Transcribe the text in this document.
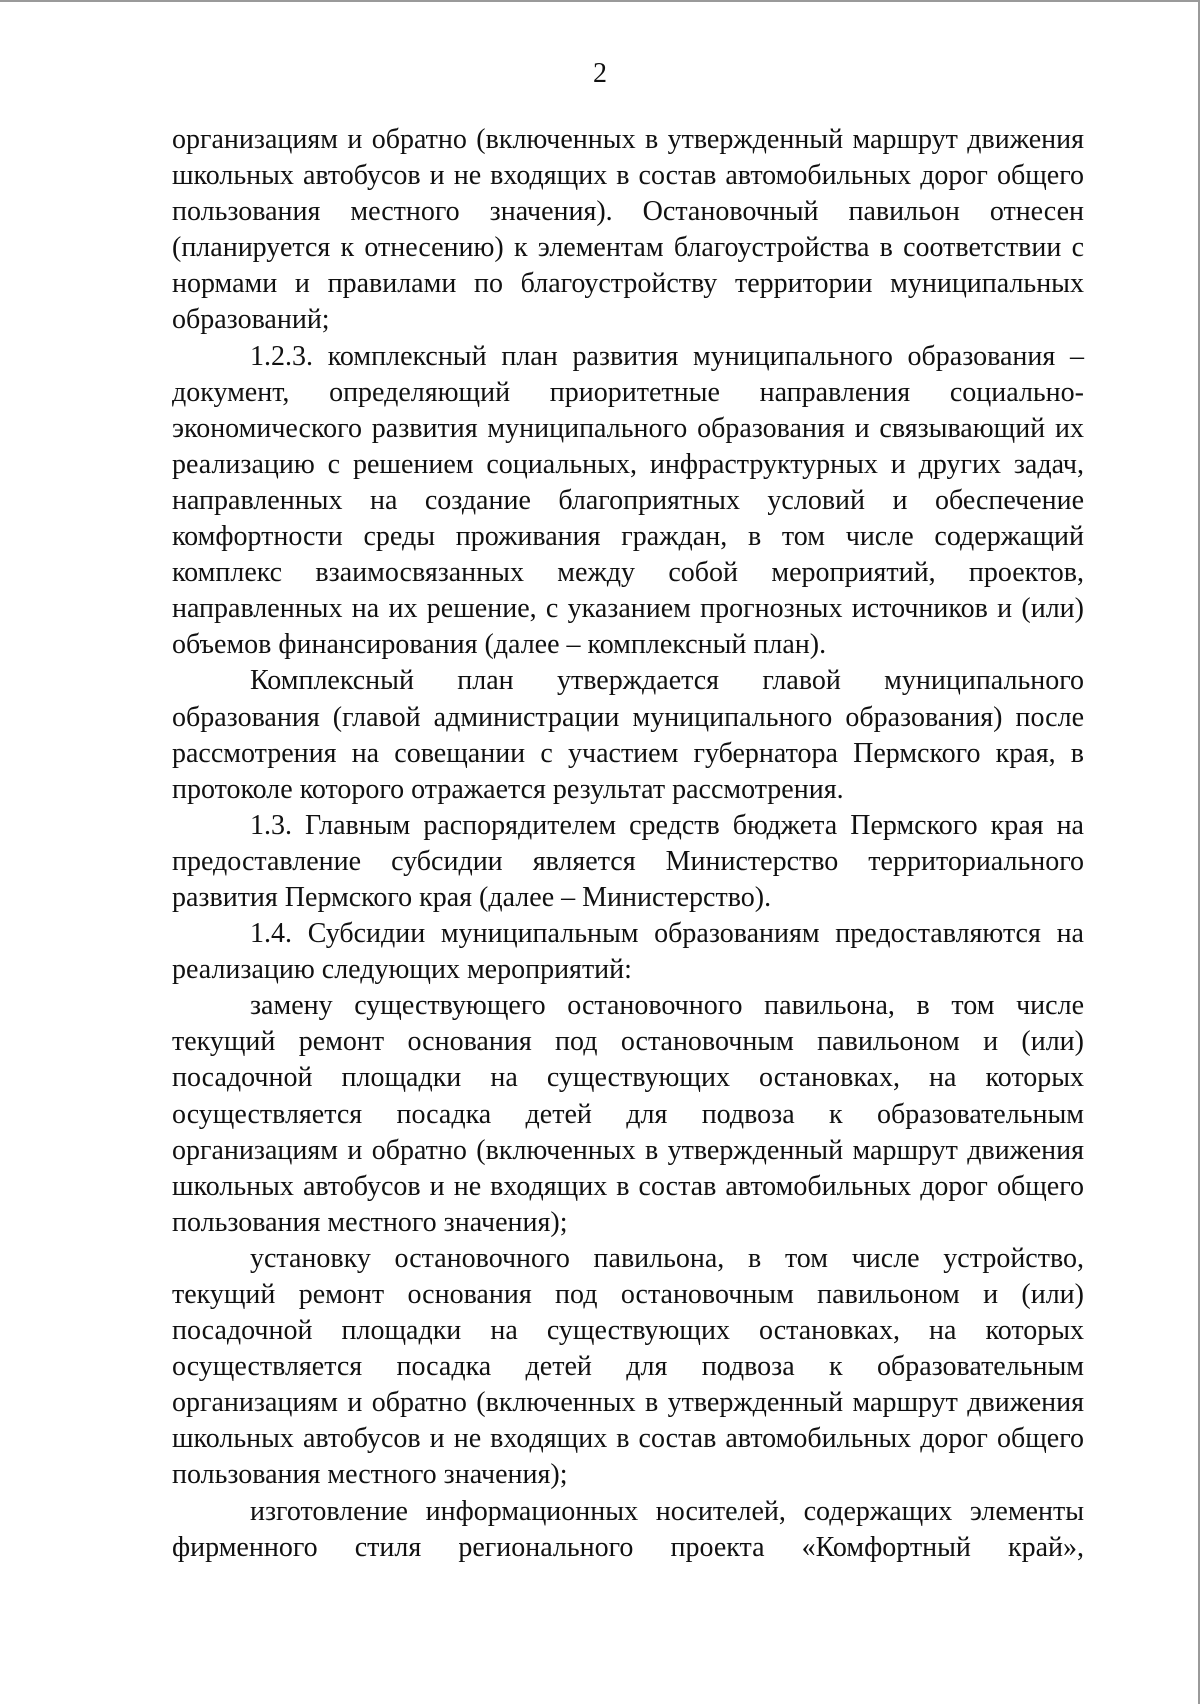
2

организациям и обратно (включенных в утвержденный маршрут движения школьных автобусов и не входящих в состав автомобильных дорог общего пользования местного значения). Остановочный павильон отнесен (планируется к отнесению) к элементам благоустройства в соответствии с нормами и правилами по благоустройству территории муниципальных образований;

1.2.3. комплексный план развития муниципального образования – документ, определяющий приоритетные направления социально-экономического развития муниципального образования и связывающий их реализацию с решением социальных, инфраструктурных и других задач, направленных на создание благоприятных условий и обеспечение комфортности среды проживания граждан, в том числе содержащий комплекс взаимосвязанных между собой мероприятий, проектов, направленных на их решение, с указанием прогнозных источников и (или) объемов финансирования (далее – комплексный план).

Комплексный план утверждается главой муниципального образования (главой администрации муниципального образования) после рассмотрения на совещании с участием губернатора Пермского края, в протоколе которого отражается результат рассмотрения.

1.3. Главным распорядителем средств бюджета Пермского края на предоставление субсидии является Министерство территориального развития Пермского края (далее – Министерство).

1.4. Субсидии муниципальным образованиям предоставляются на реализацию следующих мероприятий:

замену существующего остановочного павильона, в том числе текущий ремонт основания под остановочным павильоном и (или) посадочной площадки на существующих остановках, на которых осуществляется посадка детей для подвоза к образовательным организациям и обратно (включенных в утвержденный маршрут движения школьных автобусов и не входящих в состав автомобильных дорог общего пользования местного значения);

установку остановочного павильона, в том числе устройство, текущий ремонт основания под остановочным павильоном и (или) посадочной площадки на существующих остановках, на которых осуществляется посадка детей для подвоза к образовательным организациям и обратно (включенных в утвержденный маршрут движения школьных автобусов и не входящих в состав автомобильных дорог общего пользования местного значения);

изготовление информационных носителей, содержащих элементы фирменного стиля регионального проекта «Комфортный край»,
